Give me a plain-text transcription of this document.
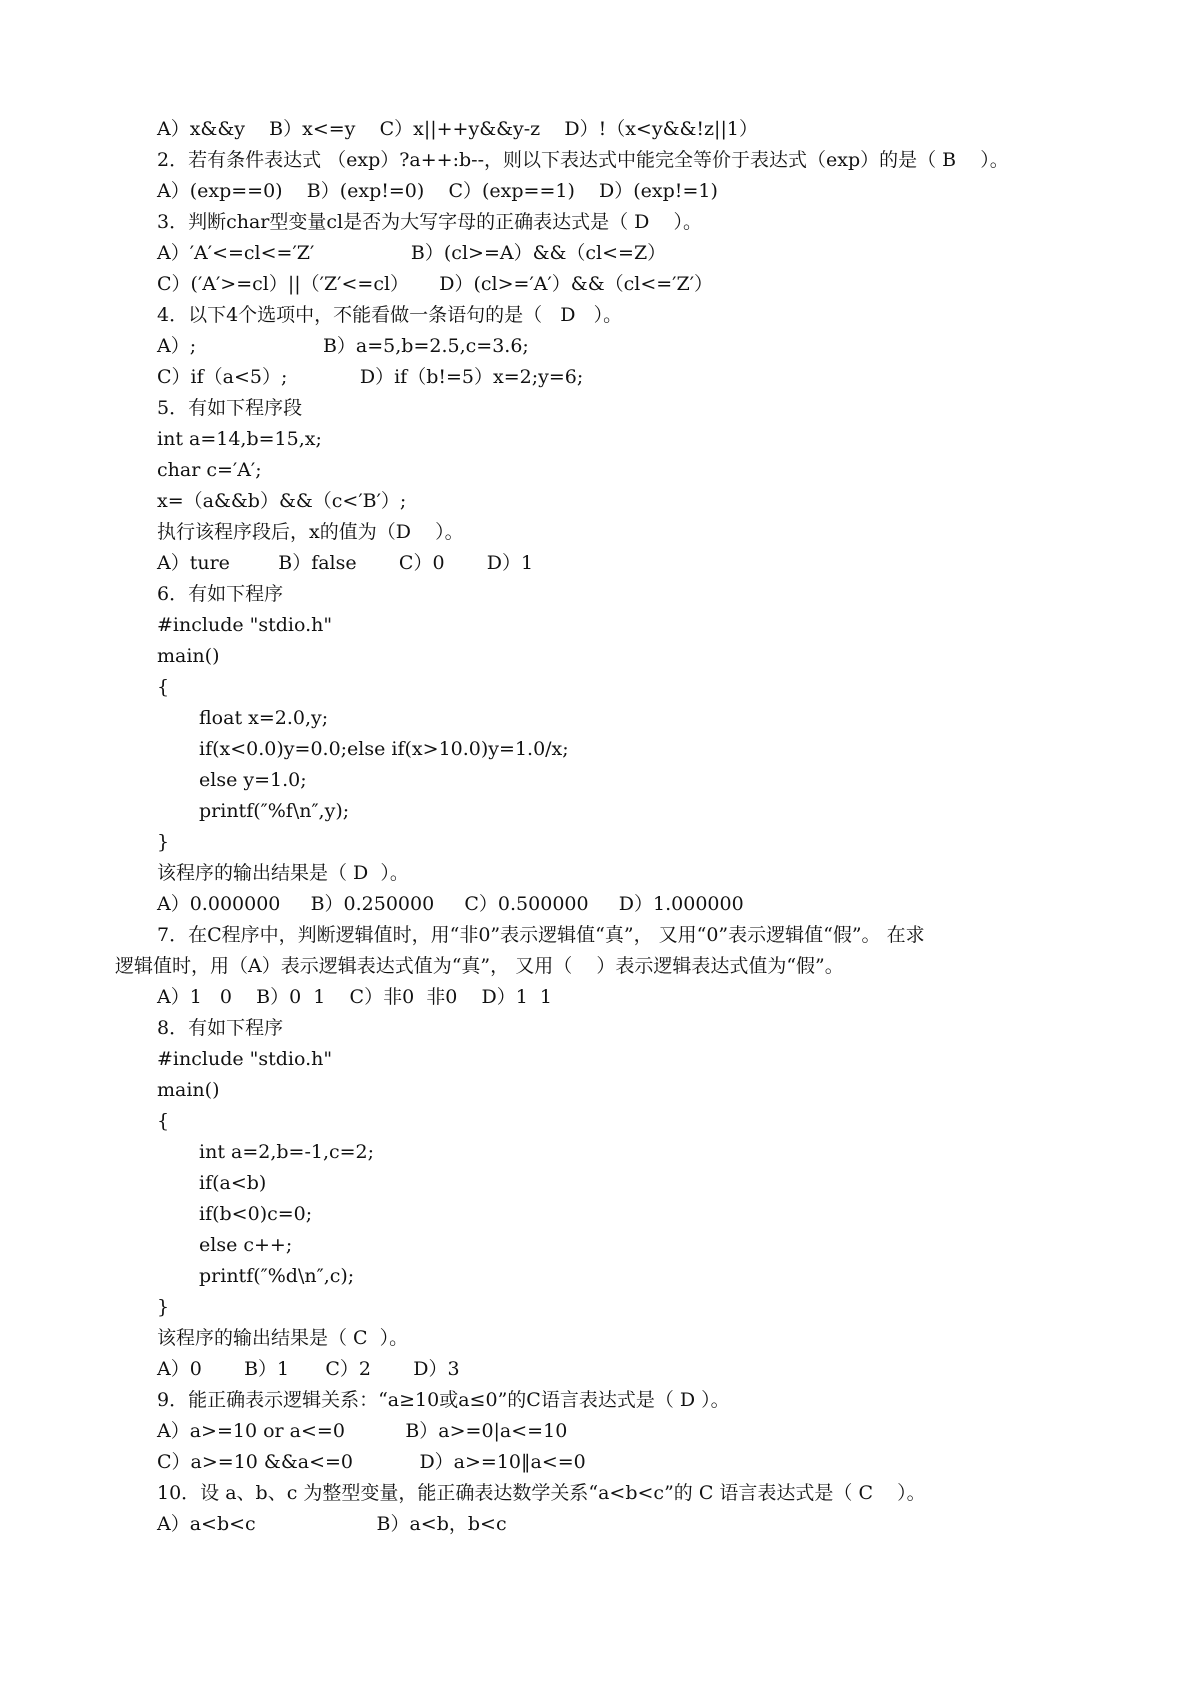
A）x&&y    B）x<=y    C）x||++y&&y-z    D）!（x<y&&!z||1）
2．若有条件表达式 （exp）?a++:b--，则以下表达式中能完全等价于表达式（exp）的是（ B    ）。
A）(exp==0)    B）(exp!=0)    C）(exp==1)    D）(exp!=1)
3．判断char型变量cl是否为大写字母的正确表达式是（ D    ）。
A）′A′<=cl<=′Z′                B）(cl>=A）&&（cl<=Z）
C）(′A′>=cl）||（′Z′<=cl）     D）(cl>=′A′）&&（cl<=′Z′）
4．以下4个选项中，不能看做一条语句的是（   D   ）。
A）;                     B）a=5,b=2.5,c=3.6;
C）if（a<5）;            D）if（b!=5）x=2;y=6;
5．有如下程序段
int a=14,b=15,x;
char c=′A′;
x=（a&&b）&&（c<′B′）;
执行该程序段后，x的值为（D    ）。
A）ture        B）false       C）0       D）1
6．有如下程序
#include "stdio.h"
main()
{
float x=2.0,y;
if(x<0.0)y=0.0;else if(x>10.0)y=1.0/x;
else y=1.0;
printf(″%f\n″,y);
}
该程序的输出结果是（ D  ）。
A）0.000000     B）0.250000     C）0.500000     D）1.000000
7．在C程序中，判断逻辑值时，用“非0”表示逻辑值“真”， 又用“0”表示逻辑值“假”。 在求
逻辑值时，用（A）表示逻辑表达式值为“真”， 又用（    ）表示逻辑表达式值为“假”。
A）1   0    B）0  1    C）非0  非0    D）1  1
8．有如下程序
#include "stdio.h"
main()
{
int a=2,b=-1,c=2;
if(a<b)
if(b<0)c=0;
else c++;
printf(″%d\n″,c);
}
该程序的输出结果是（ C  ）。
A）0       B）1      C）2       D）3
9．能正确表示逻辑关系：“a≥10或a≤0”的C语言表达式是（ D ）。
A）a>=10 or a<=0          B）a>=0|a<=10
C）a>=10 &&a<=0           D）a>=10‖a<=0
10．设 a、b、c 为整型变量，能正确表达数学关系“a<b<c”的 C 语言表达式是（ C    ）。
A）a<b<c                    B）a<b，b<c
